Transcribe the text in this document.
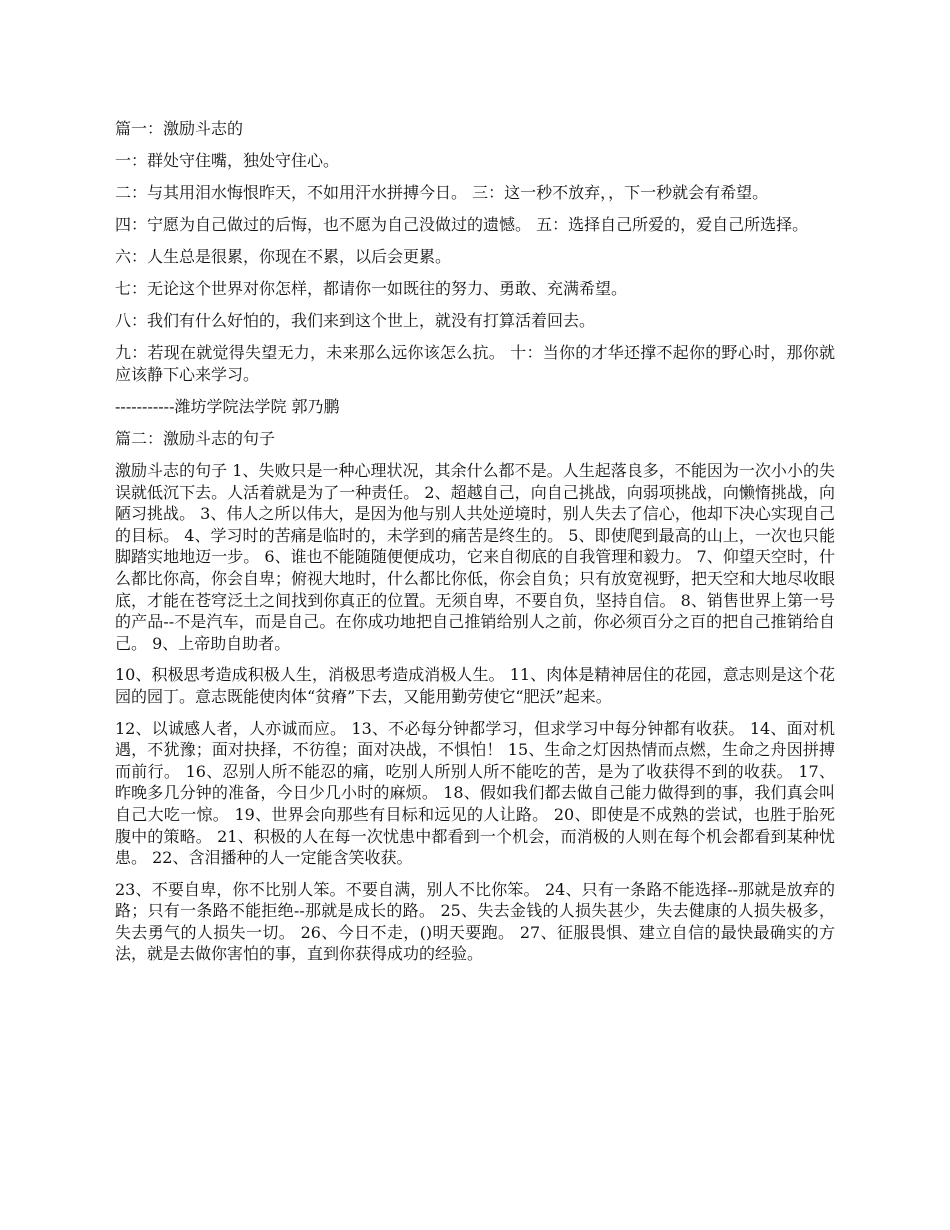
篇一：激励斗志的

一：群处守住嘴，独处守住心。

二：与其用泪水悔恨昨天，不如用汗水拼搏今日。 三：这一秒不放弃，，下一秒就会有希望。

四：宁愿为自己做过的后悔，也不愿为自己没做过的遗憾。 五：选择自己所爱的，爱自己所选择。

六：人生总是很累，你现在不累，以后会更累。

七：无论这个世界对你怎样，都请你一如既往的努力、勇敢、充满希望。

八：我们有什么好怕的，我们来到这个世上，就没有打算活着回去。

九：若现在就觉得失望无力，未来那么远你该怎么抗。 十：当你的才华还撑不起你的野心时，那你就应该静下心来学习。

-----------潍坊学院法学院 郭乃鹏

篇二：激励斗志的句子

激励斗志的句子 1、失败只是一种心理状况，其余什么都不是。人生起落良多，不能因为一次小小的失误就低沉下去。人活着就是为了一种责任。 2、超越自己，向自己挑战，向弱项挑战，向懒惰挑战，向陋习挑战。 3、伟人之所以伟大，是因为他与别人共处逆境时，别人失去了信心，他却下决心实现自己的目标。 4、学习时的苦痛是临时的，未学到的痛苦是终生的。 5、即使爬到最高的山上，一次也只能脚踏实地地迈一步。 6、谁也不能随随便便成功，它来自彻底的自我管理和毅力。 7、仰望天空时，什么都比你高，你会自卑；俯视大地时，什么都比你低，你会自负；只有放宽视野，把天空和大地尽收眼底，才能在苍穹泛土之间找到你真正的位置。无须自卑，不要自负，坚持自信。 8、销售世界上第一号的产品--不是汽车，而是自己。在你成功地把自己推销给别人之前，你必须百分之百的把自己推销给自己。 9、上帝助自助者。

10、积极思考造成积极人生，消极思考造成消极人生。 11、肉体是精神居住的花园，意志则是这个花园的园丁。意志既能使肉体“贫瘠”下去，又能用勤劳使它“肥沃”起来。

12、以诚感人者，人亦诚而应。 13、不必每分钟都学习，但求学习中每分钟都有收获。 14、面对机遇，不犹豫；面对抉择，不彷徨；面对决战，不惧怕！ 15、生命之灯因热情而点燃，生命之舟因拼搏而前行。 16、忍别人所不能忍的痛，吃别人所别人所不能吃的苦，是为了收获得不到的收获。 17、昨晚多几分钟的准备，今日少几小时的麻烦。 18、假如我们都去做自己能力做得到的事，我们真会叫自己大吃一惊。 19、世界会向那些有目标和远见的人让路。 20、即使是不成熟的尝试，也胜于胎死腹中的策略。 21、积极的人在每一次忧患中都看到一个机会，而消极的人则在每个机会都看到某种忧患。 22、含泪播种的人一定能含笑收获。

23、不要自卑，你不比别人笨。不要自满，别人不比你笨。 24、只有一条路不能选择--那就是放弃的路；只有一条路不能拒绝--那就是成长的路。 25、失去金钱的人损失甚少，失去健康的人损失极多，失去勇气的人损失一切。 26、今日不走，()明天要跑。 27、征服畏惧、建立自信的最快最确实的方法，就是去做你害怕的事，直到你获得成功的经验。
